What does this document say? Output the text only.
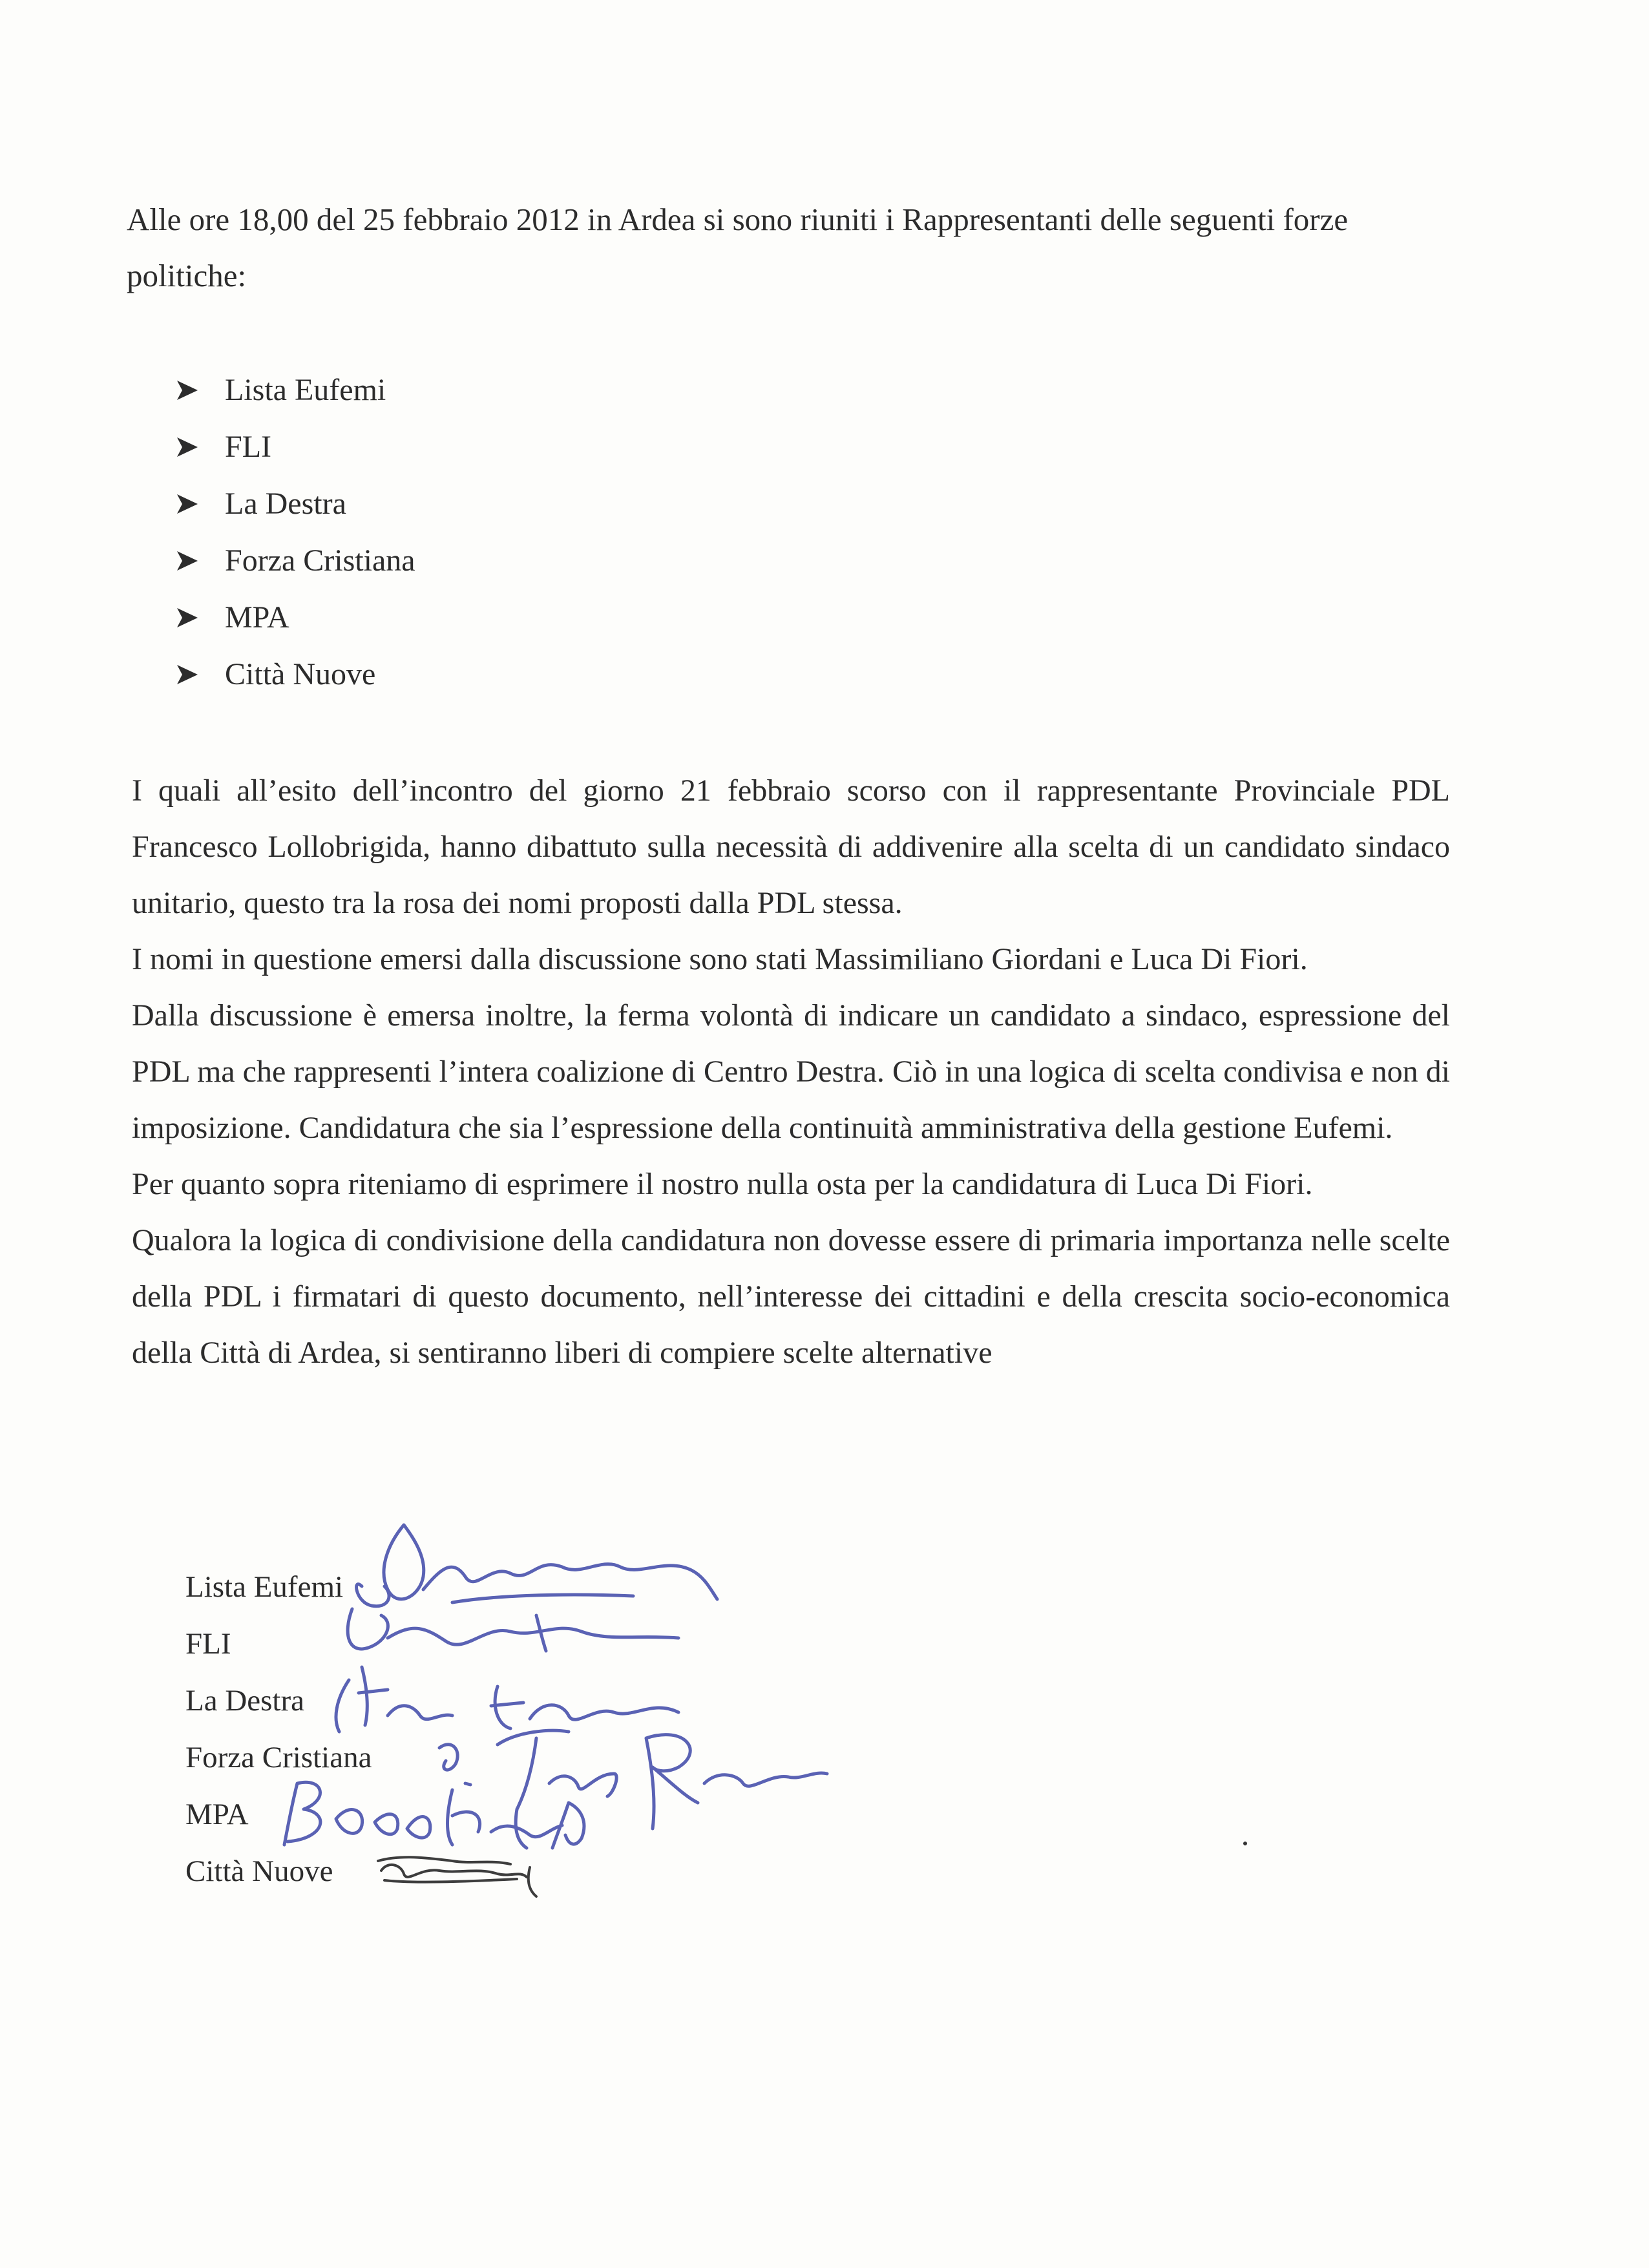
Alle ore 18,00 del 25 febbraio 2012 in Ardea si sono riuniti i Rappresentanti delle seguenti forze politiche:
Lista Eufemi
FLI
La Destra
Forza Cristiana
MPA
Città Nuove

I quali all’esito dell’incontro del giorno 21 febbraio scorso con il rappresentante Provinciale PDL Francesco Lollobrigida, hanno dibattuto sulla necessità di addivenire alla scelta di un candidato sindaco unitario, questo tra la rosa dei nomi proposti dalla PDL stessa.

I nomi in questione emersi dalla discussione sono stati Massimiliano Giordani e Luca Di Fiori.

Dalla discussione è emersa inoltre, la ferma volontà di indicare un candidato a sindaco, espressione del PDL ma che rappresenti l’intera coalizione di Centro Destra. Ciò in una logica di scelta condivisa e non di imposizione. Candidatura che sia l’espressione della continuità amministrativa della gestione Eufemi.

Per quanto sopra riteniamo di esprimere il nostro nulla osta per la candidatura di Luca Di Fiori.

Qualora la logica di condivisione della candidatura non dovesse essere di primaria importanza nelle scelte della PDL i firmatari di questo documento, nell’interesse dei cittadini e della crescita socio-economica della Città di Ardea, si sentiranno liberi di compiere scelte alternative

Lista Eufemi
FLI
La Destra
Forza Cristiana
MPA
Città Nuove
